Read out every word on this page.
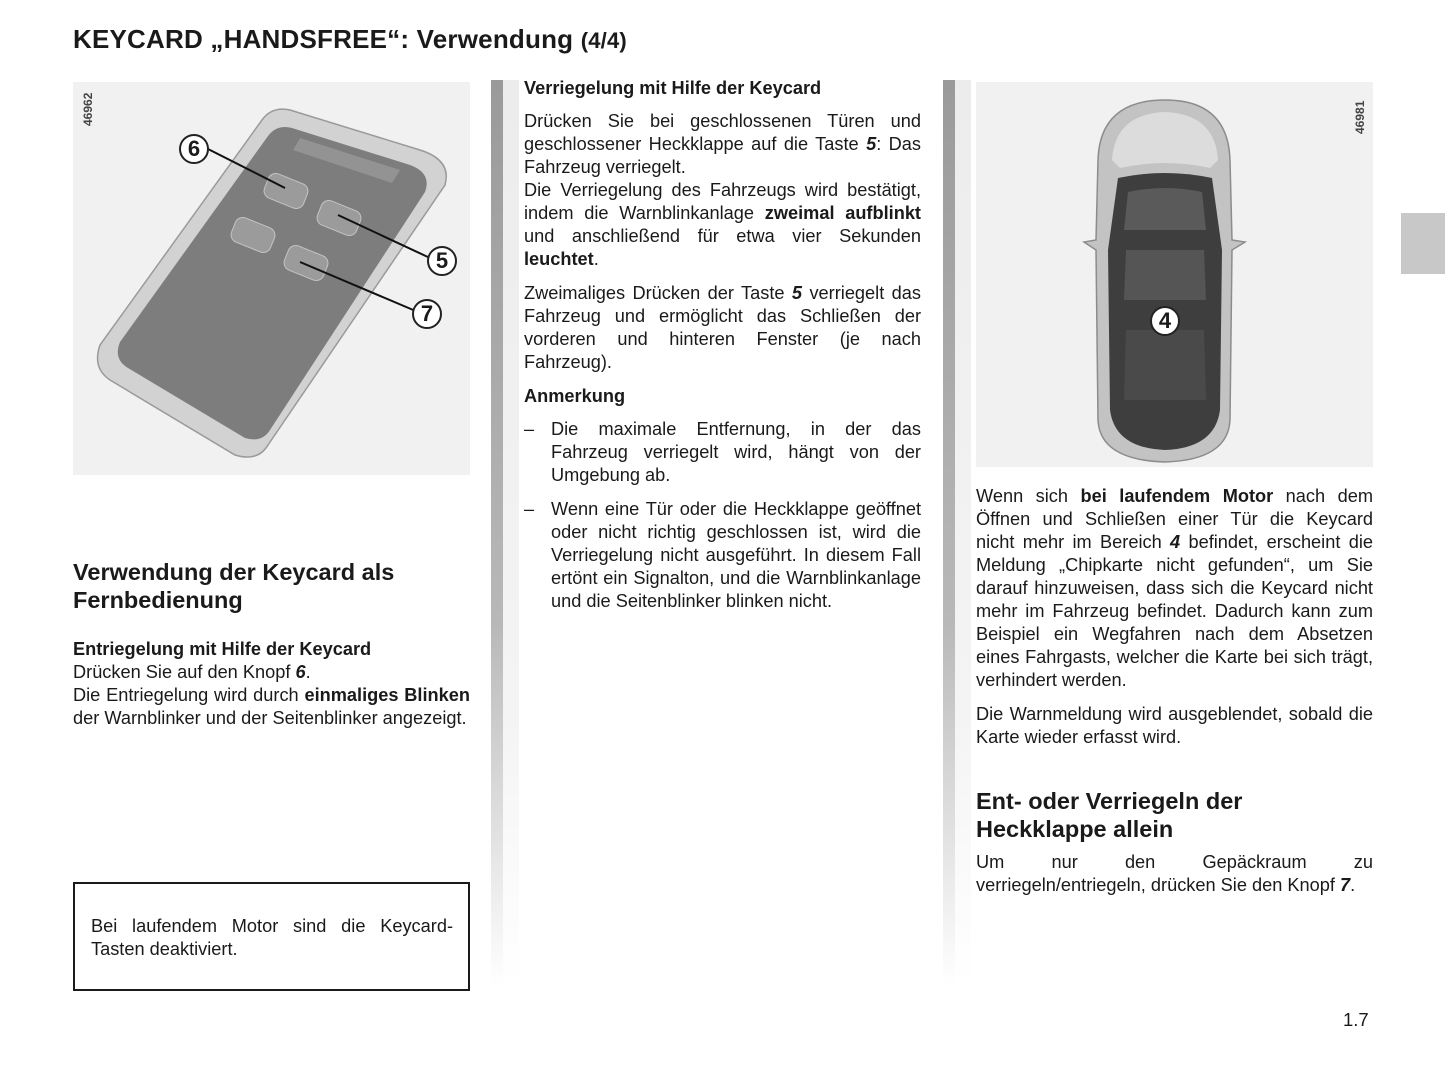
KEYCARD „HANDSFREE“: Verwendung (4/4)
46962
6
5
7
Verwendung der Keycard als
Fernbedienung
Entriegelung mit Hilfe der Keycard

Drücken Sie auf den Knopf 6.

Die Entriegelung wird durch einmaliges Blinken der Warnblinker und der Seitenblinker angezeigt.

Bei laufendem Motor sind die Keycard-Tasten deaktiviert.

Verriegelung mit Hilfe der Keycard

Drücken Sie bei geschlossenen Türen und geschlossener Heckklappe auf die Taste 5: Das Fahrzeug verriegelt.
Die Verriegelung des Fahrzeugs wird bestätigt, indem die Warnblinkanlage zweimal aufblinkt und anschließend für etwa vier Sekunden leuchtet.

Zweimaliges Drücken der Taste 5 verriegelt das Fahrzeug und ermöglicht das Schließen der vorderen und hinteren Fenster (je nach Fahrzeug).

Anmerkung
– Die maximale Entfernung, in der das Fahrzeug verriegelt wird, hängt von der Umgebung ab.
– Wenn eine Tür oder die Heckklappe geöffnet oder nicht richtig geschlossen ist, wird die Verriegelung nicht ausgeführt. In diesem Fall ertönt ein Signalton, und die Warnblinkanlage und die Seitenblinker blinken nicht.
46981
4

Wenn sich bei laufendem Motor nach dem Öffnen und Schließen einer Tür die Keycard nicht mehr im Bereich 4 befindet, erscheint die Meldung „Chipkarte nicht gefunden“, um Sie darauf hinzuweisen, dass sich die Keycard nicht mehr im Fahrzeug befindet. Dadurch kann zum Beispiel ein Wegfahren nach dem Absetzen eines Fahrgasts, welcher die Karte bei sich trägt, verhindert werden.

Die Warnmeldung wird ausgeblendet, sobald die Karte wieder erfasst wird.

Ent- oder Verriegeln der
Heckklappe allein

Um nur den Gepäckraum zu verriegeln/entriegeln, drücken Sie den Knopf 7.

1.7
